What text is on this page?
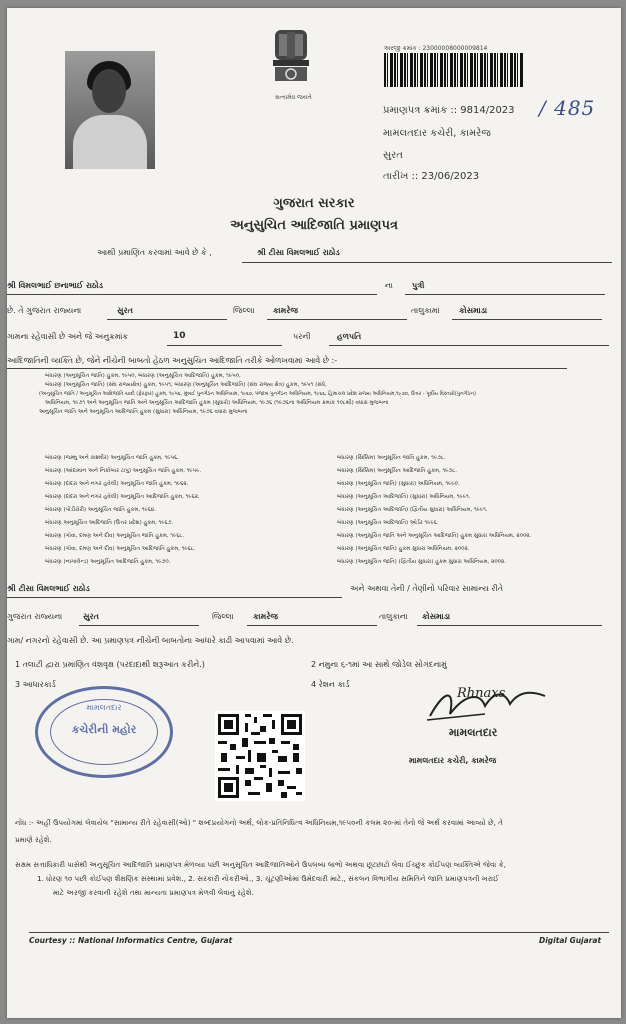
સત્યમેવ જયતે
અરજી ક્રમાંક : 23000008000009814
પ્રમાણપત્ર ક્રમાંક :: 9814/2023 / 485
મામલતદાર કચેરી, કામરેજ
સુરત
તારીખ :: 23/06/2023
ગુજરાત સરકાર
અનુસુચિત આદિજાતિ પ્રમાણપત્ર
આથી પ્રમાણિત કરવામાં આવે છે કે ,	શ્રી ટીસા વિમલભાઈ રાઠોડ
શ્રી વિમલભાઈ છનાભાઈ રાઠોડ	ના પુત્રી
છે. તે ગુજરાત રાજ્યના	સુરત	જિલ્લા કામરેજ	તાલુકામાં કોસમાડા
ગામના રહેવાસી છે અને જે અનુક્રમાંક	10	પરની	હળપતિ
આદિજાતિની વ્યક્તિ છે, જેને નીચેની બાબતો હેઠળ અનુસુચિત આદિજાતિ તરીકે ઓળખવામાં આવે છે :-
બંધારણ (અનુસૂચિત જાતિ) હુકમ, ૧૯૫૦, બંધારણ (અનુસૂચિત આદિજાતિ) હુકમ, ૧૯૫૦,
બંધારણ (અનુસૂચિત જાતિ) (સંઘ રાજ્યક્ષેત્ર) હુકમ, ૧૯૫૧, બંધારણ (અનુસૂચિત આદિજાતિ) (સંઘ રાજ્ય ક્ષેત્ર) હુકમ, ૧૯૫૧ (સંધે,
(અનુસૂચિત જાતિ / અનુસૂચિત આદિજાતિ યાદી (ફેરફાર) હુકમ, ૧૯૫૬, મુંબઈ પુનર્ગઠન અધિનિયમ, ૧૯૬૦, પંજાબ પુનર્ગઠન અધિનિયમ, ૧૯૬૬, હિમાચલ પ્રદેશ રાજ્ય અધિનિયમ,૧૯૭૦, ઉત્તર - પૂર્વીય વિસ્તારો(પુનર્ગઠન)
અધિનિયમ, ૧૯૭૧ અને અનુસૂચિત જાતિ અને અનુસૂચિત આદિજાતિ હુકમ (સુધારો) અધિનિયમ, ૧૯૭૬ (૧૯૭૬ના અધિનિયમ ક્રમાંક ૧૦૮થી) વધારા મુજબના
અનુસૂચિત જાતિ અને અનુસૂચિત આદિજાતિ હુકમ (સુધારા) અધિનિયમ, ૧૯૭૬ વધારા મુજબના
બંધારણ (જમ્મુ અને કાશ્મીર) અનુસૂચિત જાતિ હુકમ, ૧૯૫૬.
બંધારણ (આંદામાન અને નિકોબાર ટાપુ) અનુસૂચિત જાતિ હુકમ, ૧૯૫૯.
બંધારણ (દાદરા અને નગર હવેલી) અનુસૂચિત જાતિ હુકમ, ૧૯૬૨.
બંધારણ (દાદરા અને નગર હવેલી) અનુસૂચિત આદિજાતિ હુકમ, ૧૯૬૨.
બંધારણ (પોંડીચેરી) અનુસૂચિત જાતિ હુકમ, ૧૯૬૪.
બંધારણ અનુસૂચિત આદિજાતિ (ઉત્તર પ્રદેશ) હુકમ, ૧૯૬૭.
બંધારણ (ગોવા, દમણ અને દીવ) અનુસૂચિત જાતિ હુકમ, ૧૯૬૮.
બંધારણ (ગોવા, દમણ અને દીવ) અનુસૂચિત આદિજાતિ હુકમ, ૧૯૬૮.
બંધારણ (નાગાલેન્ડ) અનુસૂચિત આદિજાતિ હુકમ, ૧૯૭૦.
બંધારણ (સિક્કિમ) અનુસૂચિત જાતિ હુકમ, ૧૯૭૮.
બંધારણ (સિક્કિમ) અનુસૂચિત આદિજાતિ હુકમ, ૧૯૭૮.
બંધારણ (અનુસૂચિત જાતિ) (સુધારા) અધિનિયમ, ૧૯૯૦.
બંધારણ (અનુસૂચિત આદિજાતિ) (સુધારા) અધિનિયમ, ૧૯૯૧.
બંધારણ (અનુસૂચિત આદિજાતિ) (દ્વિતીય સુધારા) અધિનિયમ, ૧૯૯૧.
બંધારણ (અનુસૂચિત આદિજાતિ) ઓર્ડર ૧૯૯૬.
બંધારણ (અનુસૂચિત જાતિ અને અનુસૂચિત આદિજાતિ) હુકમ સુધારા અધિનિયમ, ૨૦૦૨.
બંધારણ (અનુસૂચિત જાતિ) હુકમ સુધારા અધિનિયમ, ૨૦૦૨.
બંધારણ (અનુસૂચિત જાતિ) (દ્વિતીય સુધારા) હુકમ સુધારા અધિનિયમ, ૨૦૦૨.
શ્રી ટીસા વિમલભાઈ રાઠોડ	અને અથવા તેની / તેણીનો પરિવાર સામાન્ય રીતે
ગુજરાત રાજ્યના	સુરત	જિલ્લા કામરેજ	તાલુકાના કોસમાડા
ગામ/ નગરનો રહેવાસી છે. આ પ્રમાણપત્ર નીચેની બાબતોના આધારે કાઢી આપવામાં આવે છે.
1 તલાટી દ્વારા પ્રમાણિત વંશવૃક્ષ (પરદાદાથી શરૂઆત કરીને.)	2 નમુના ૬-૧માં આ સાથે જોડેલ સોગંદનામું
3 આધારકાર્ડ	4 રેશન કાર્ડ
મામલતદાર
કચેરીની મહોર
Rhnaxs
મામલતદાર
મામલતદાર કચેરી, કામરેજ
નોંધ :- અહીં ઉપયોગમાં લેવાયેલ "સામાન્ય રીતે રહેવાસી(ઓ) " શબ્દપ્રયોગનો અર્થ, લોક-પ્રતિનિધિત્વ અધિનિયમ,૧૯૫૦ની કલમ ૨૦-માં તેનો જે અર્થ કરવામાં આવ્યો છે, તે
પ્રમાણે રહેશે.
સક્ષમ સત્તાધિકારી પાસેથી અનુસૂચિત આદિજાતિ પ્રમાણપત્ર મેળવ્યા પછી અનુસૂચિત આદિજાતિઓને ઉપલબ્ધ લાભો અથવા છૂટછાટો લેવા ઈચ્છુક કોઈપણ વ્યક્તિએ જેવા કે,
1. ધોરણ ૧૦ પછી કોઈપણ શૈક્ષણિક સંસ્થામાં પ્રવેશ., 2. સરકારી નોકરીઓ., 3. ચૂંટણીઓમાં ઉમેદવારી માટે., સંકલન વિભાગીય સમિતિને જાતિ પ્રમાણપત્રની ખરાઈ
માટે અરજી કરવાની રહેશે તથા માન્યતા પ્રમાણપત્ર મેળવી લેવાનું રહેશે.
Courtesy :: National Informatics Centre, Gujarat	Digital Gujarat
